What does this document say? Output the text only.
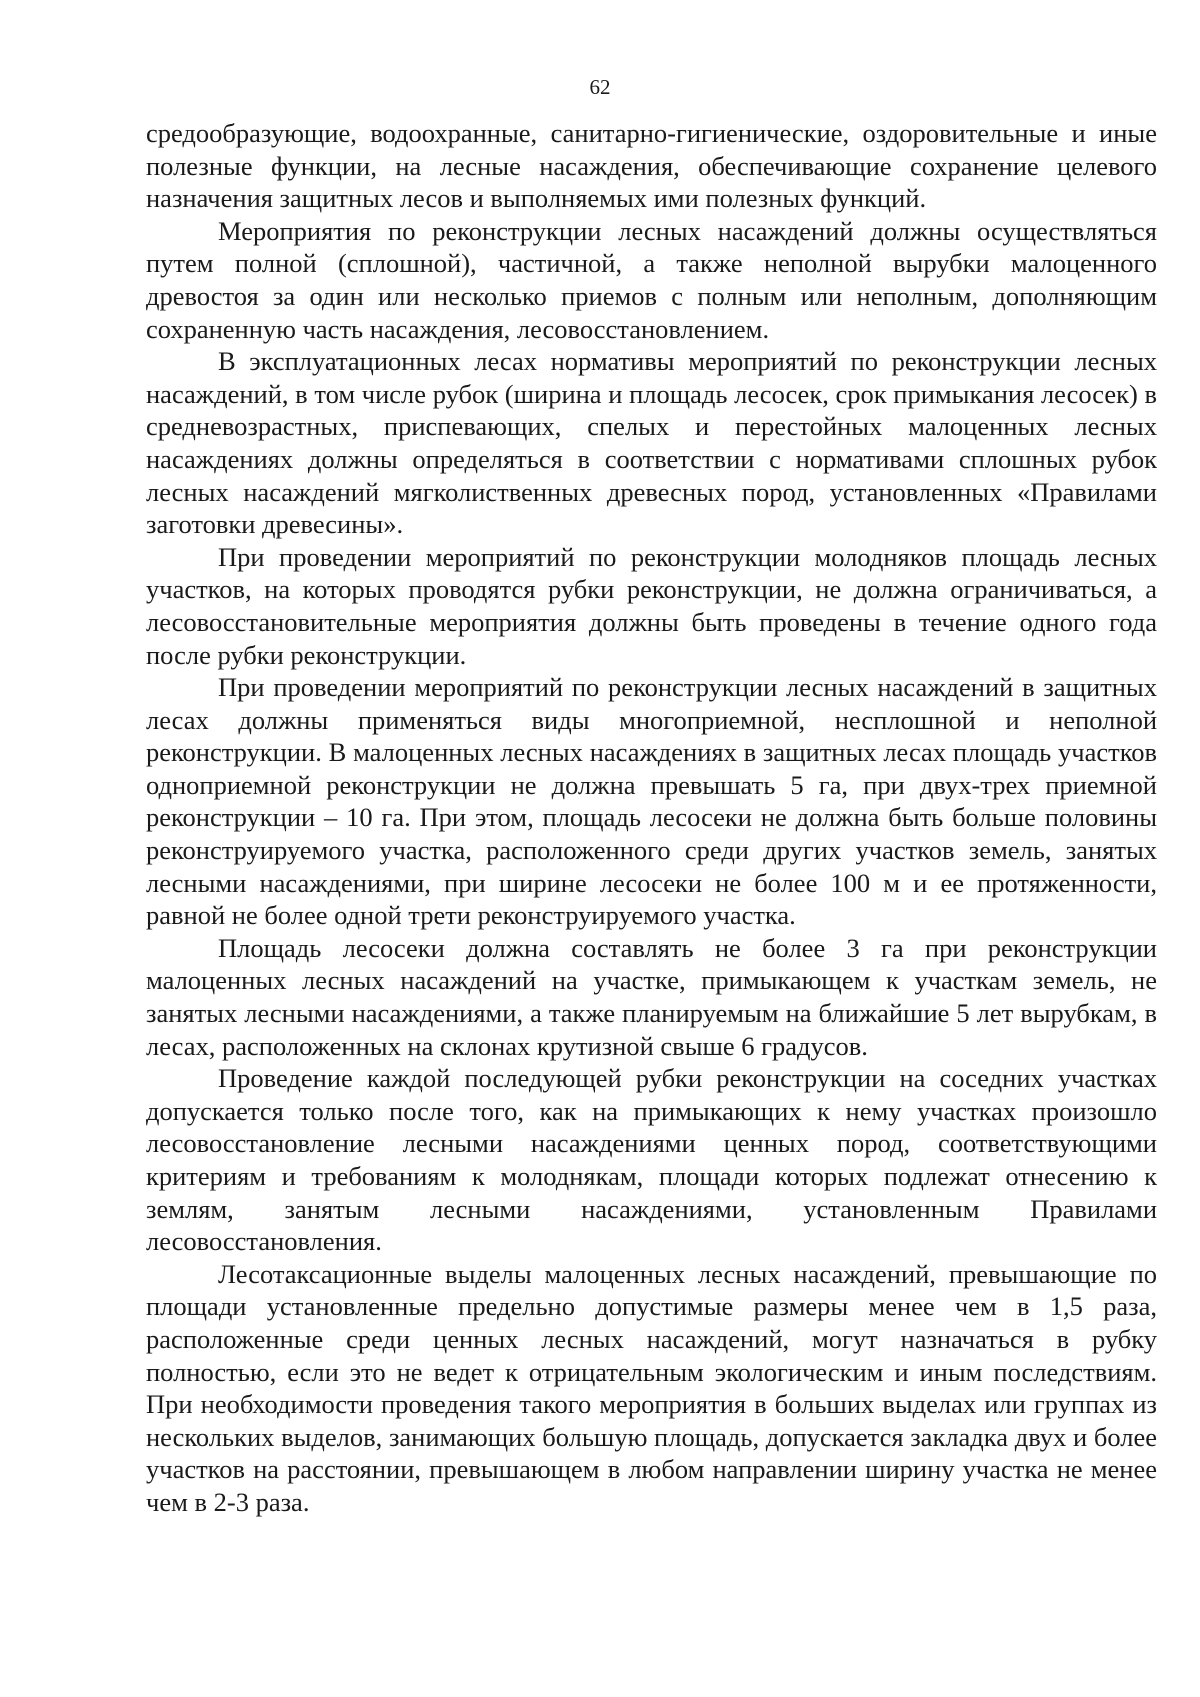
62

средообразующие, водоохранные, санитарно-гигиенические, оздоровительные и иные полезные функции, на лесные насаждения, обеспечивающие сохранение целевого назначения защитных лесов и выполняемых ими полезных функций.

Мероприятия по реконструкции лесных насаждений должны осуществляться путем полной (сплошной), частичной, а также неполной вырубки малоценного древостоя за один или несколько приемов с полным или неполным, дополняющим сохраненную часть насаждения, лесовосстановлением.

В эксплуатационных лесах нормативы мероприятий по реконструкции лесных насаждений, в том числе рубок (ширина и площадь лесосек, срок примыкания лесосек) в средневозрастных, приспевающих, спелых и перестойных малоценных лесных насаждениях должны определяться в соответствии с нормативами сплошных рубок лесных насаждений мягколиственных древесных пород, установленных «Правилами заготовки древесины».

При проведении мероприятий по реконструкции молодняков площадь лесных участков, на которых проводятся рубки реконструкции, не должна ограничиваться, а лесовосстановительные мероприятия должны быть проведены в течение одного года после рубки реконструкции.

При проведении мероприятий по реконструкции лесных насаждений в защитных лесах должны применяться виды многоприемной, несплошной и неполной реконструкции. В малоценных лесных насаждениях в защитных лесах площадь участков одноприемной реконструкции не должна превышать 5 га, при двух-трех приемной реконструкции – 10 га. При этом, площадь лесосеки не должна быть больше половины реконструируемого участка, расположенного среди других участков земель, занятых лесными насаждениями, при ширине лесосеки не более 100 м и ее протяженности, равной не более одной трети реконструируемого участка.

Площадь лесосеки должна составлять не более 3 га при реконструкции малоценных лесных насаждений на участке, примыкающем к участкам земель, не занятых лесными насаждениями, а также планируемым на ближайшие 5 лет вырубкам, в лесах, расположенных на склонах крутизной свыше 6 градусов.

Проведение каждой последующей рубки реконструкции на соседних участках допускается только после того, как на примыкающих к нему участках произошло лесовосстановление лесными насаждениями ценных пород, соответствующими критериям и требованиям к молоднякам, площади которых подлежат отнесению к землям, занятым лесными насаждениями, установленным Правилами лесовосстановления.

Лесотаксационные выделы малоценных лесных насаждений, превышающие по площади установленные предельно допустимые размеры менее чем в 1,5 раза, расположенные среди ценных лесных насаждений, могут назначаться в рубку полностью, если это не ведет к отрицательным экологическим и иным последствиям. При необходимости проведения такого мероприятия в больших выделах или группах из нескольких выделов, занимающих большую площадь, допускается закладка двух и более участков на расстоянии, превышающем в любом направлении ширину участка не менее чем в 2-3 раза.
